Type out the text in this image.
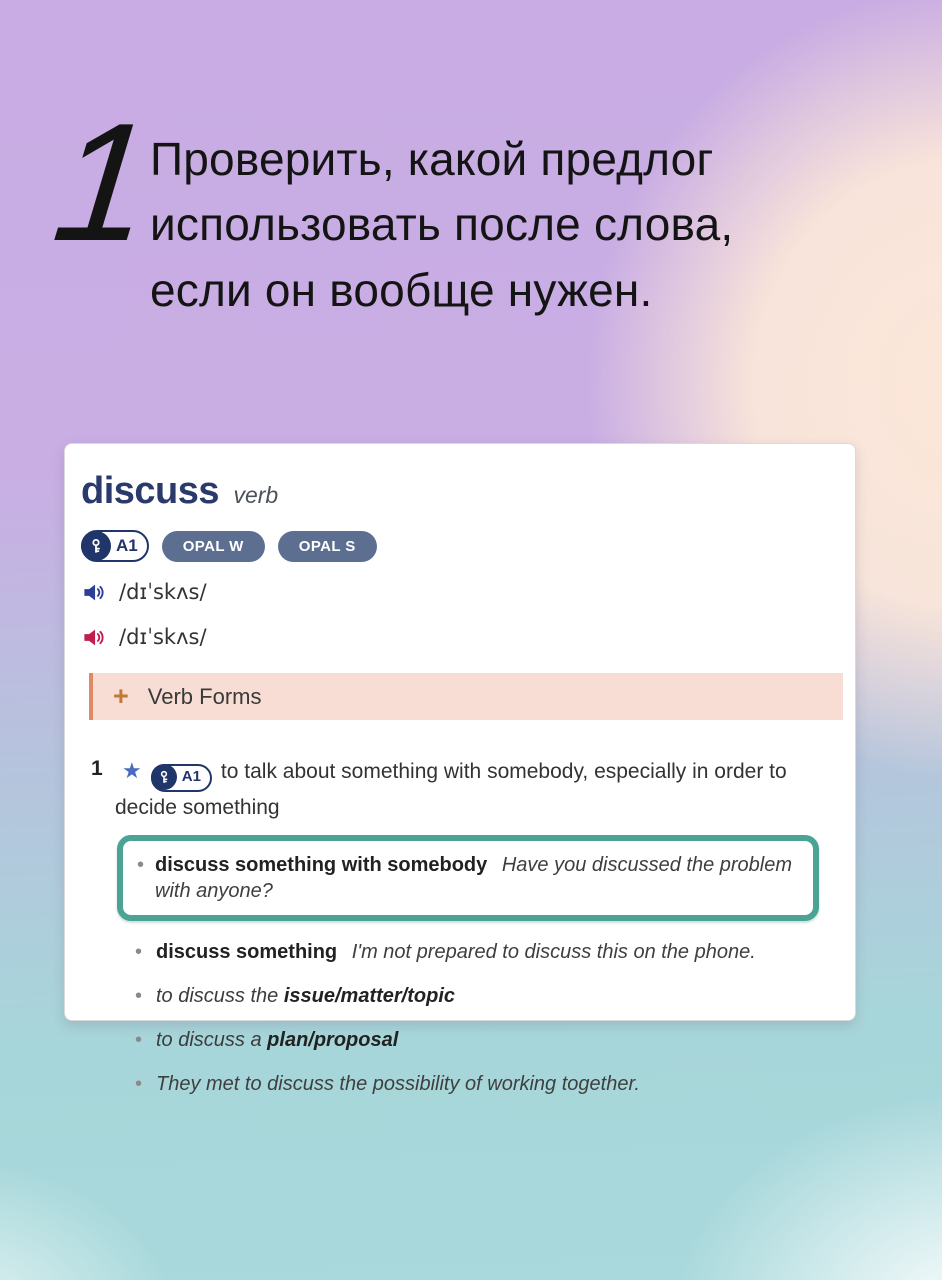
1
Проверить, какой предлог
использовать после слова,
если он вообще нужен.
discuss verb
A1	OPAL W	OPAL S
/dɪˈskʌs/
/dɪˈskʌs/
+ Verb Forms
1 ★	A1 to talk about something with somebody, especially in order to decide something
• discuss something with somebody Have you discussed the problem with anyone?
• discuss something I'm not prepared to discuss this on the phone.
• to discuss the issue/matter/topic
• to discuss a plan/proposal
• They met to discuss the possibility of working together.
